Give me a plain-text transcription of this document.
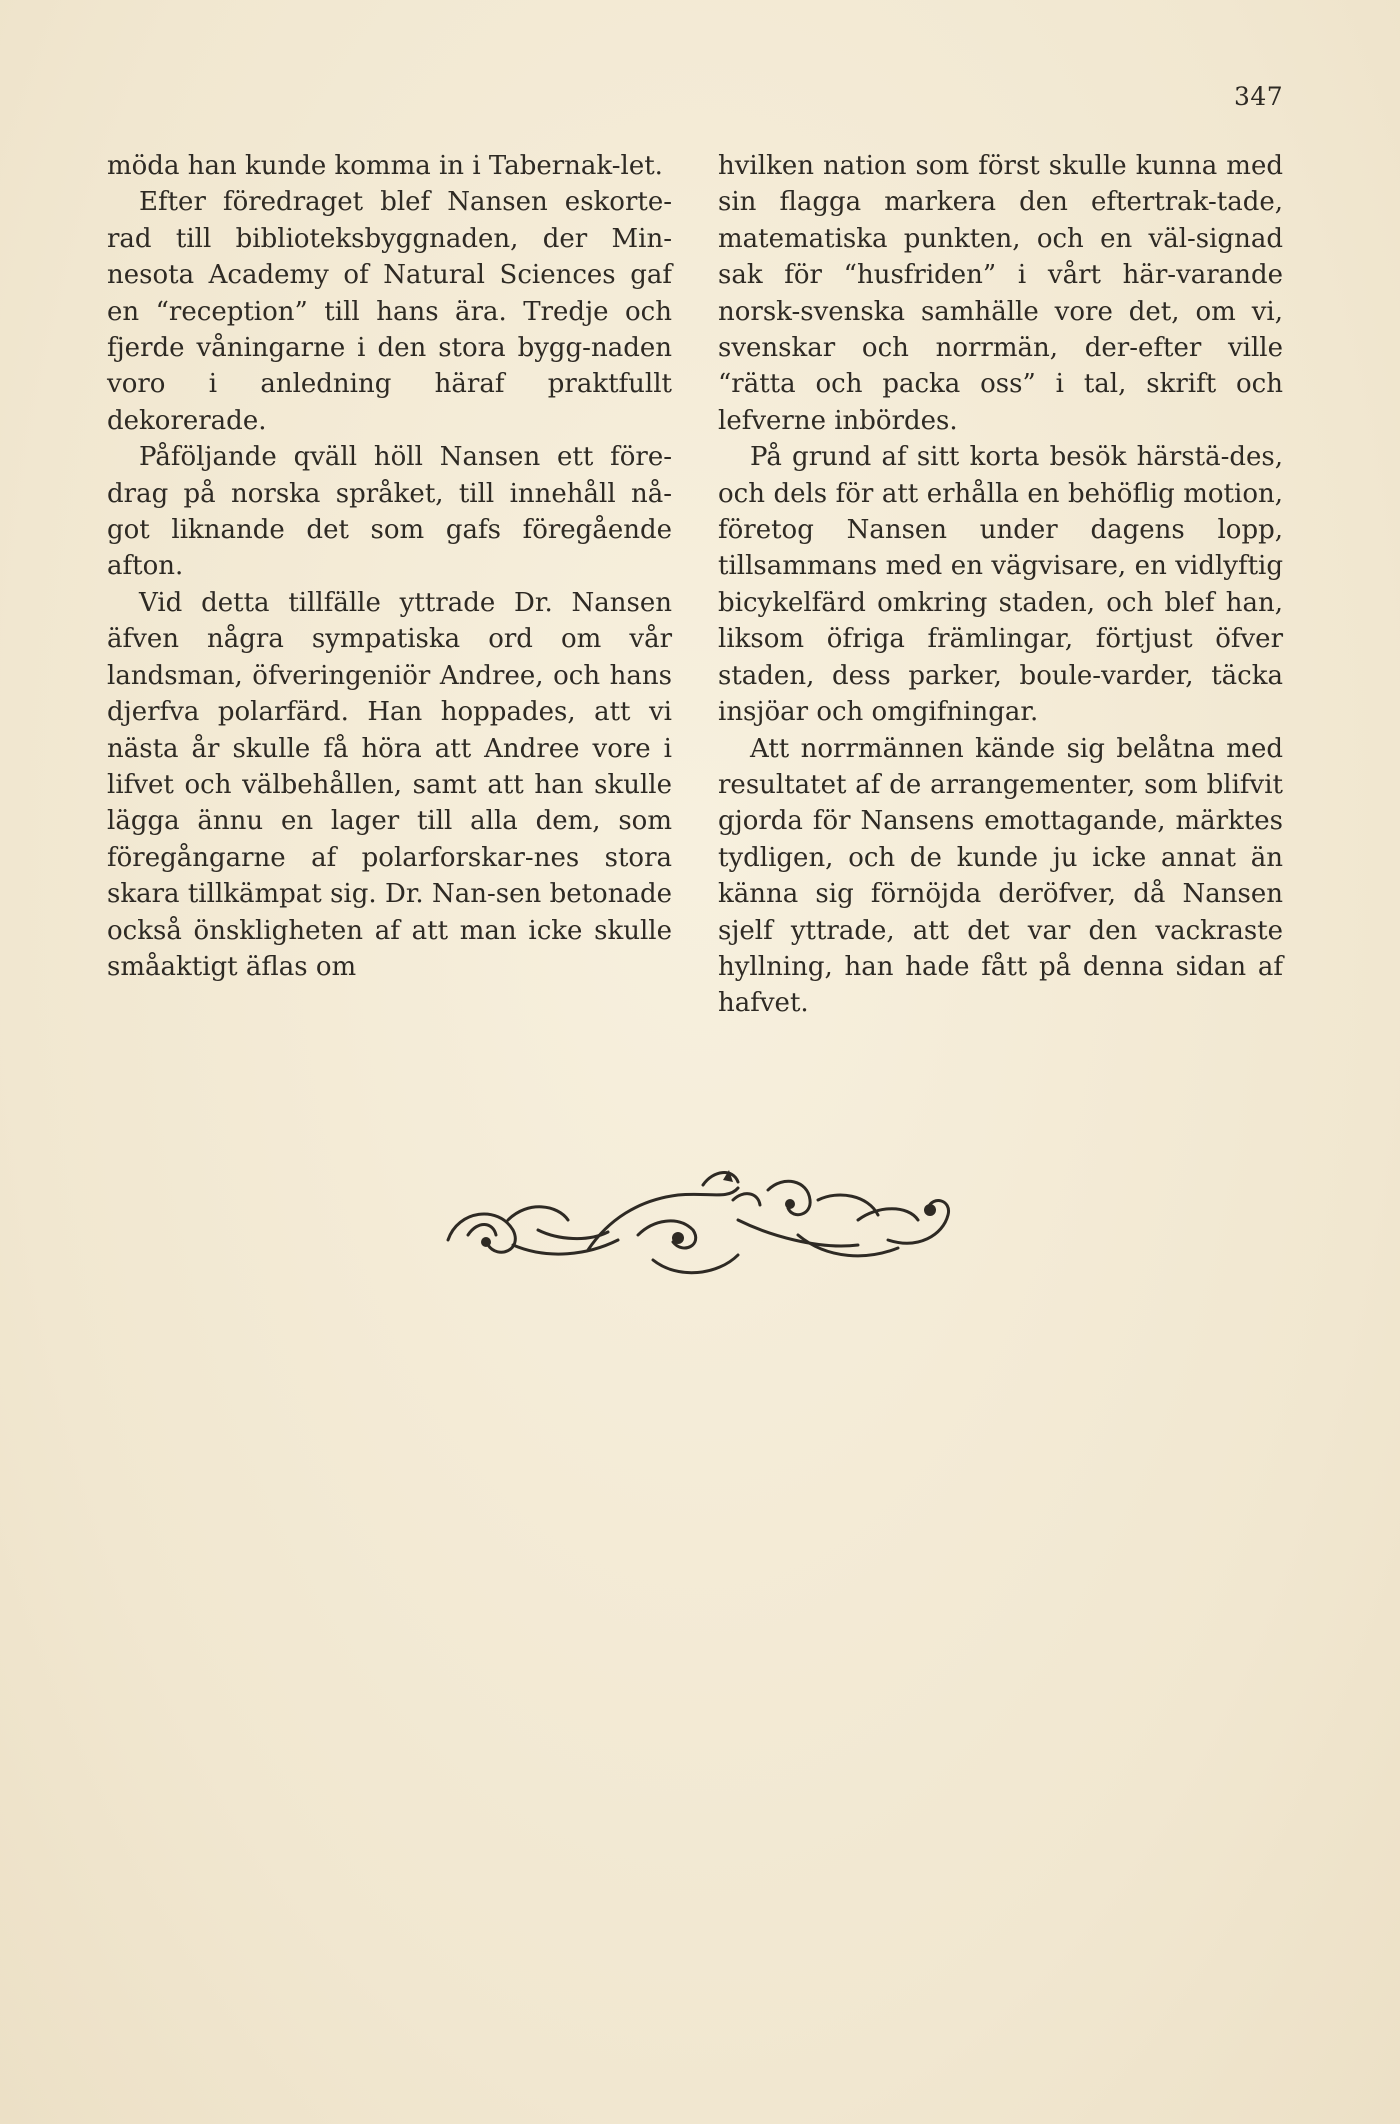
347

möda han kunde komma in i Tabernak-let.

Efter föredraget blef Nansen eskorte-rad till biblioteksbyggnaden, der Min-nesota Academy of Natural Sciences gaf en “reception” till hans ära. Tredje och fjerde våningarne i den stora bygg-naden voro i anledning häraf praktfullt dekorerade.

Påföljande qväll höll Nansen ett före-drag på norska språket, till innehåll nå-got liknande det som gafs föregående afton.

Vid detta tillfälle yttrade Dr. Nansen äfven några sympatiska ord om vår landsman, öfveringeniör Andree, och hans djerfva polarfärd. Han hoppades, att vi nästa år skulle få höra att Andree vore i lifvet och välbehållen, samt att han skulle lägga ännu en lager till alla dem, som föregångarne af polarforskar-nes stora skara tillkämpat sig. Dr. Nan-sen betonade också önskligheten af att man icke skulle småaktigt äflas om

hvilken nation som först skulle kunna med sin flagga markera den eftertrak-tade, matematiska punkten, och en väl-signad sak för “husfriden” i vårt här-varande norsk-svenska samhälle vore det, om vi, svenskar och norrmän, der-efter ville “rätta och packa oss” i tal, skrift och lefverne inbördes.

På grund af sitt korta besök härstä-des, och dels för att erhålla en behöflig motion, företog Nansen under dagens lopp, tillsammans med en vägvisare, en vidlyftig bicykelfärd omkring staden, och blef han, liksom öfriga främlingar, förtjust öfver staden, dess parker, boule-varder, täcka insjöar och omgifningar.

Att norrmännen kände sig belåtna med resultatet af de arrangementer, som blifvit gjorda för Nansens emottagande, märktes tydligen, och de kunde ju icke annat än känna sig förnöjda deröfver, då Nansen sjelf yttrade, att det var den vackraste hyllning, han hade fått på denna sidan af hafvet.
